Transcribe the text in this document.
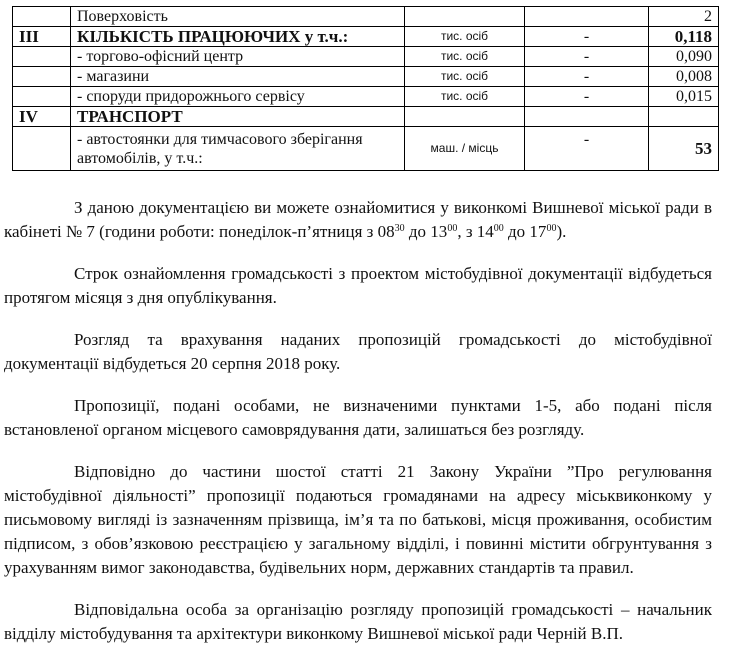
	Поверховість			2
III	КІЛЬКІСТЬ ПРАЦЮЮЧИХ у т.ч.:	тис. осіб	-	0,118
	- торгово-офісний центр	тис. осіб	-	0,090
	- магазини	тис. осіб	-	0,008
	- споруди придорожнього сервісу	тис. осіб	-	0,015
IV	ТРАНСПОРТ			
	- автостоянки для тимчасового зберігання автомобілів, у т.ч.:	маш. / місць	-	53

З даною документацією ви можете ознайомитися у виконкомі Вишневої міської ради в кабінеті № 7 (години роботи: понеділок-п’ятниця з $08^{30}$ до $13^{00}$, з $14^{00}$ до $17^{00}$).

Строк ознайомлення громадськості з проектом містобудівної документації відбудеться протягом місяця з дня опублікування.

Розгляд та врахування наданих пропозицій громадськості до містобудівної документації відбудеться 20 серпня 2018 року.

Пропозиції, подані особами, не визначеними пунктами 1-5, або подані після встановленої органом місцевого самоврядування дати, залишаться без розгляду.

Відповідно до частини шостої статті 21 Закону України ”Про регулювання містобудівної діяльності” пропозиції подаються громадянами на адресу міськвиконкому у письмовому вигляді із зазначенням прізвища, ім’я та по батькові, місця проживання, особистим підписом, з обов’язковою реєстрацією у загальному відділі, і повинні містити обгрунтування з урахуванням вимог законодавства, будівельних норм, державних стандартів та правил.

Відповідальна особа за організацію розгляду пропозицій громадськості – начальник відділу містобудування та архітектури виконкому Вишневої міської ради Черній В.П.
